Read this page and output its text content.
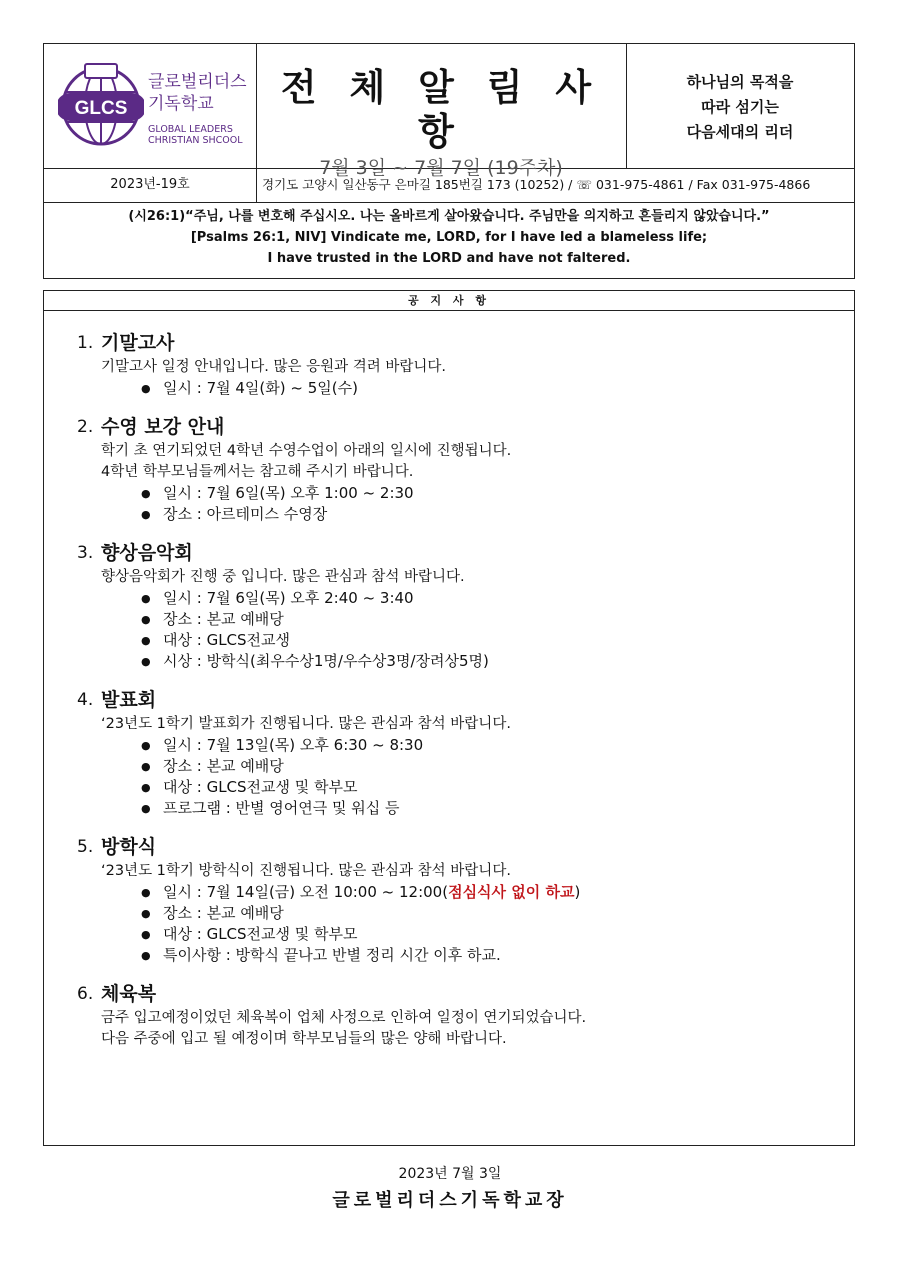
GLCS
글로벌리더스
기독학교
GLOBAL LEADERS
CHRISTIAN SHCOOL
전 체 알 림 사 항
7월 3일 ~ 7월 7일 (19주차)
하나님의 목적을
따라 섬기는
다음세대의 리더
2023년-19호	경기도 고양시 일산동구 은마길 185번길 173 (10252) / ☏ 031-975-4861 / Fax 031-975-4866
(시26:1)“주님, 나를 변호해 주십시오. 나는 올바르게 살아왔습니다. 주님만을 의지하고 흔들리지 않았습니다.”
[Psalms 26:1, NIV] Vindicate me, LORD, for I have led a blameless life;
I have trusted in the LORD and have not faltered.
공 지 사 항
1. 기말고사
기말고사 일정 안내입니다. 많은 응원과 격려 바랍니다.
● 일시 : 7월 4일(화) ~ 5일(수)
2. 수영 보강 안내
학기 초 연기되었던 4학년 수영수업이 아래의 일시에 진행됩니다.
4학년 학부모님들께서는 참고해 주시기 바랍니다.
● 일시 : 7월 6일(목) 오후 1:00 ~ 2:30
● 장소 : 아르테미스 수영장
3. 향상음악회
향상음악회가 진행 중 입니다. 많은 관심과 참석 바랍니다.
● 일시 : 7월 6일(목) 오후 2:40 ~ 3:40
● 장소 : 본교 예배당
● 대상 : GLCS전교생
● 시상 : 방학식(최우수상1명/우수상3명/장려상5명)
4. 발표회
‘23년도 1학기 발표회가 진행됩니다. 많은 관심과 참석 바랍니다.
● 일시 : 7월 13일(목) 오후 6:30 ~ 8:30
● 장소 : 본교 예배당
● 대상 : GLCS전교생 및 학부모
● 프로그램 : 반별 영어연극 및 워십 등
5. 방학식
‘23년도 1학기 방학식이 진행됩니다. 많은 관심과 참석 바랍니다.
● 일시 : 7월 14일(금) 오전 10:00 ~ 12:00(점심식사 없이 하교)
● 장소 : 본교 예배당
● 대상 : GLCS전교생 및 학부모
● 특이사항 : 방학식 끝나고 반별 정리 시간 이후 하교.
6. 체육복
금주 입고예정이었던 체육복이 업체 사정으로 인하여 일정이 연기되었습니다.
다음 주중에 입고 될 예정이며 학부모님들의 많은 양해 바랍니다.
2023년 7월 3일
글로벌리더스기독학교장
